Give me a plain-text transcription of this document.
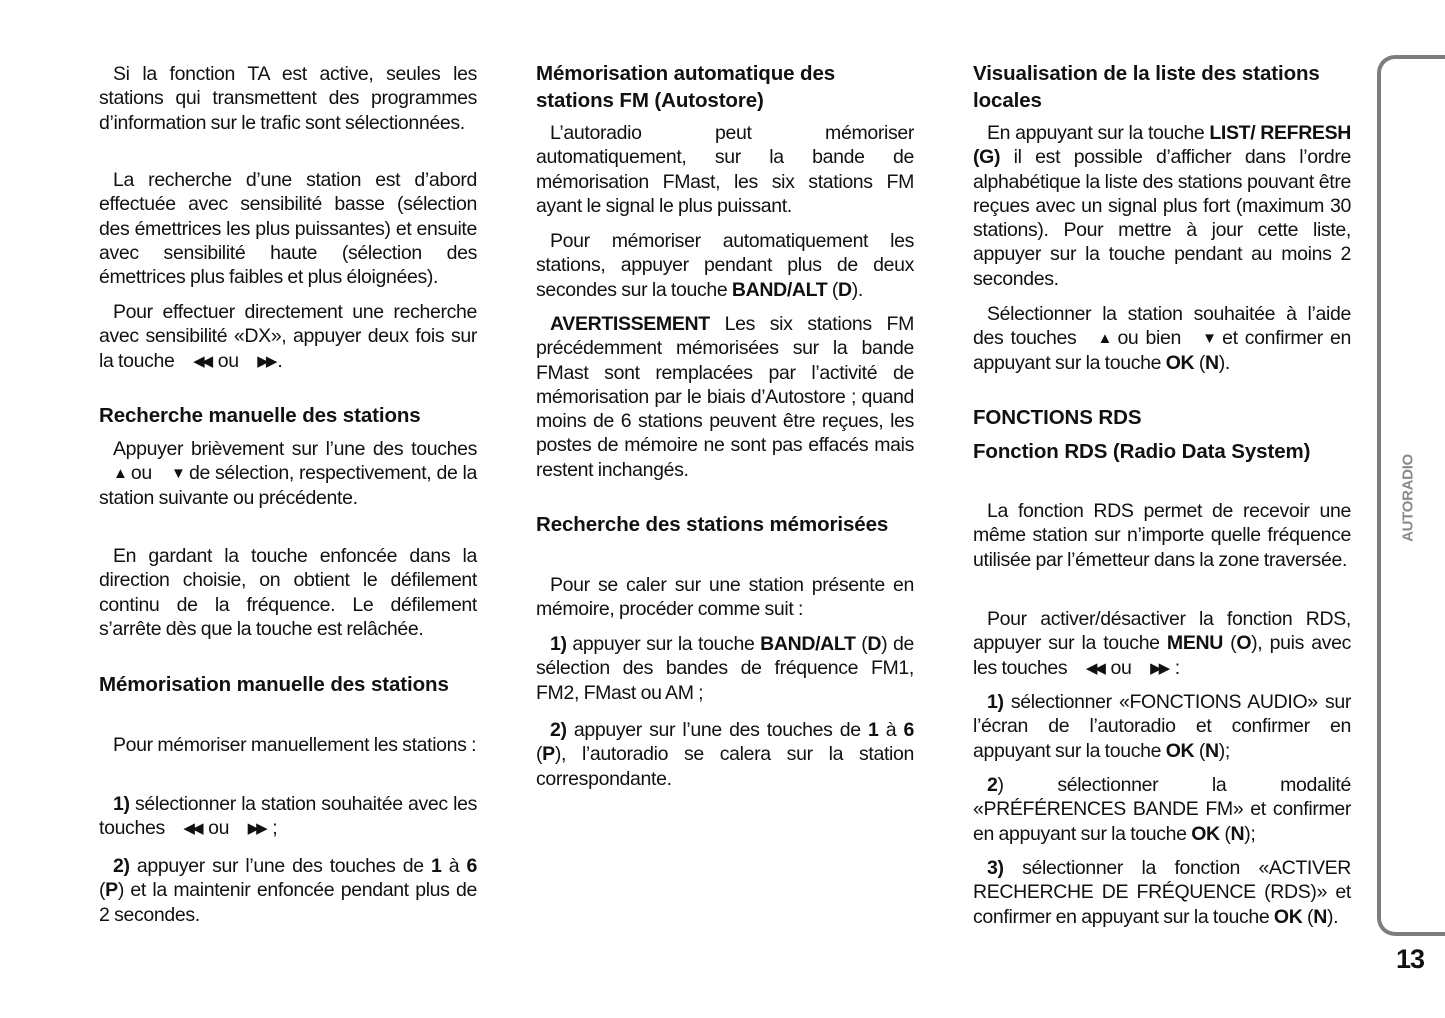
Si la fonction TA est active, seules les stations qui transmettent des programmes d’information sur le trafic sont sélectionnées.
La recherche d’une station est d’abord effectuée avec sensibilité basse (sélection des émettrices les plus puissantes) et ensuite avec sensibilité haute (sélection des émettrices plus faibles et plus éloignées).
Pour effectuer directement une recherche avec sensibilité «DX», appuyer deux fois sur la touche ◀◀ ou ▶▶ .
Recherche manuelle des stations
Appuyer brièvement sur l’une des touches ▲ ou ▼ de sélection, respectivement, de la station suivante ou précédente.
En gardant la touche enfoncée dans la direction choisie, on obtient le défilement continu de la fréquence. Le défilement s’arrête dès que la touche est relâchée.
Mémorisation manuelle des stations
Pour mémoriser manuellement les stations :
1) sélectionner la station souhaitée avec les touches ◀◀ ou ▶▶ ;
2) appuyer sur l’une des touches de 1 à 6 (P) et la maintenir enfoncée pendant plus de 2 secondes.
Mémorisation automatique des stations FM (Autostore)
L’autoradio peut mémoriser automatiquement, sur la bande de mémorisation FMast, les six stations FM ayant le signal le plus puissant.
Pour mémoriser automatiquement les stations, appuyer pendant plus de deux secondes sur la touche BAND/ALT (D).
AVERTISSEMENT Les six stations FM précédemment mémorisées sur la bande FMast sont remplacées par l’activité de mémorisation par le biais d’Autostore ; quand moins de 6 stations peuvent être reçues, les postes de mémoire ne sont pas effacés mais restent inchangés.
Recherche des stations mémorisées
Pour se caler sur une station présente en mémoire, procéder comme suit :
1) appuyer sur la touche BAND/ALT (D) de sélection des bandes de fréquence FM1, FM2, FMast ou AM ;
2) appuyer sur l’une des touches de 1 à 6 (P), l’autoradio se calera sur la station correspondante.
Visualisation de la liste des stations locales
En appuyant sur la touche LIST/ REFRESH (G) il est possible d’afficher dans l’ordre alphabétique la liste des stations pouvant être reçues avec un signal plus fort (maximum 30 stations). Pour mettre à jour cette liste, appuyer sur la touche pendant au moins 2 secondes.
Sélectionner la station souhaitée à l’aide des touches ▲ ou bien ▼ et confirmer en appuyant sur la touche OK (N).
FONCTIONS RDS
Fonction RDS (Radio Data System)
La fonction RDS permet de recevoir une même station sur n’importe quelle fréquence utilisée par l’émetteur dans la zone traversée.
Pour activer/désactiver la fonction RDS, appuyer sur la touche MENU (O), puis avec les touches ◀◀ ou ▶▶ :
1) sélectionner «FONCTIONS AUDIO» sur l’écran de l’autoradio et confirmer en appuyant sur la touche OK (N);
2) sélectionner la modalité «PRÉFÉRENCES BANDE FM» et confirmer en appuyant sur la touche OK (N);
3) sélectionner la fonction «ACTIVER RECHERCHE DE FRÉQUENCE (RDS)» et confirmer en appuyant sur la touche OK (N).
AUTORADIO
13
